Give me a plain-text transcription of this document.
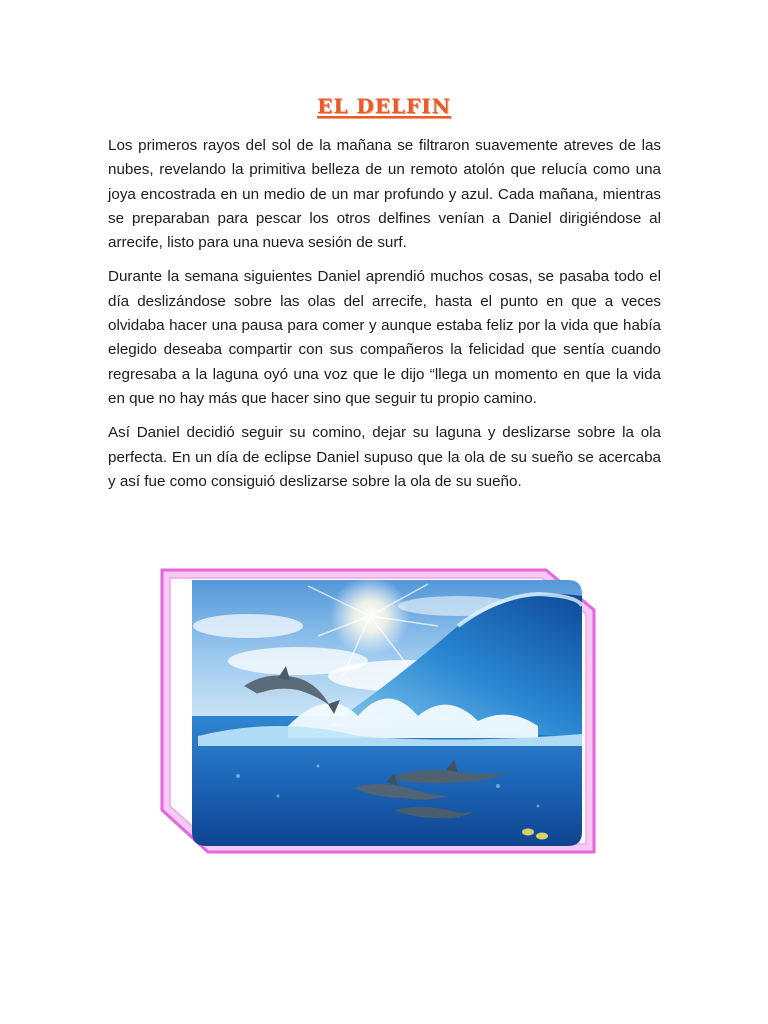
EL DELFIN

Los primeros rayos del sol de la mañana se filtraron suavemente atreves de las nubes, revelando la primitiva belleza de un remoto atolón que relucía como una joya encostrada en un medio de un mar profundo y azul. Cada mañana, mientras se preparaban para pescar los otros delfines venían a Daniel dirigiéndose al arrecife, listo para una nueva sesión de surf.

Durante la semana siguientes Daniel aprendió muchos cosas, se pasaba todo el día deslizándose sobre las olas del arrecife, hasta el punto en que a veces olvidaba hacer una pausa para comer y aunque estaba feliz por la vida que había elegido deseaba compartir con sus compañeros la felicidad que sentía cuando regresaba a la laguna oyó una voz que le dijo “llega un momento en que la vida en que no hay más que hacer sino que seguir tu propio camino.

Así Daniel decidió seguir su comino, dejar su laguna y deslizarse sobre la ola perfecta. En un día de eclipse Daniel supuso que la ola de su sueño se acercaba y así fue como consiguió deslizarse sobre la ola de su sueño.
